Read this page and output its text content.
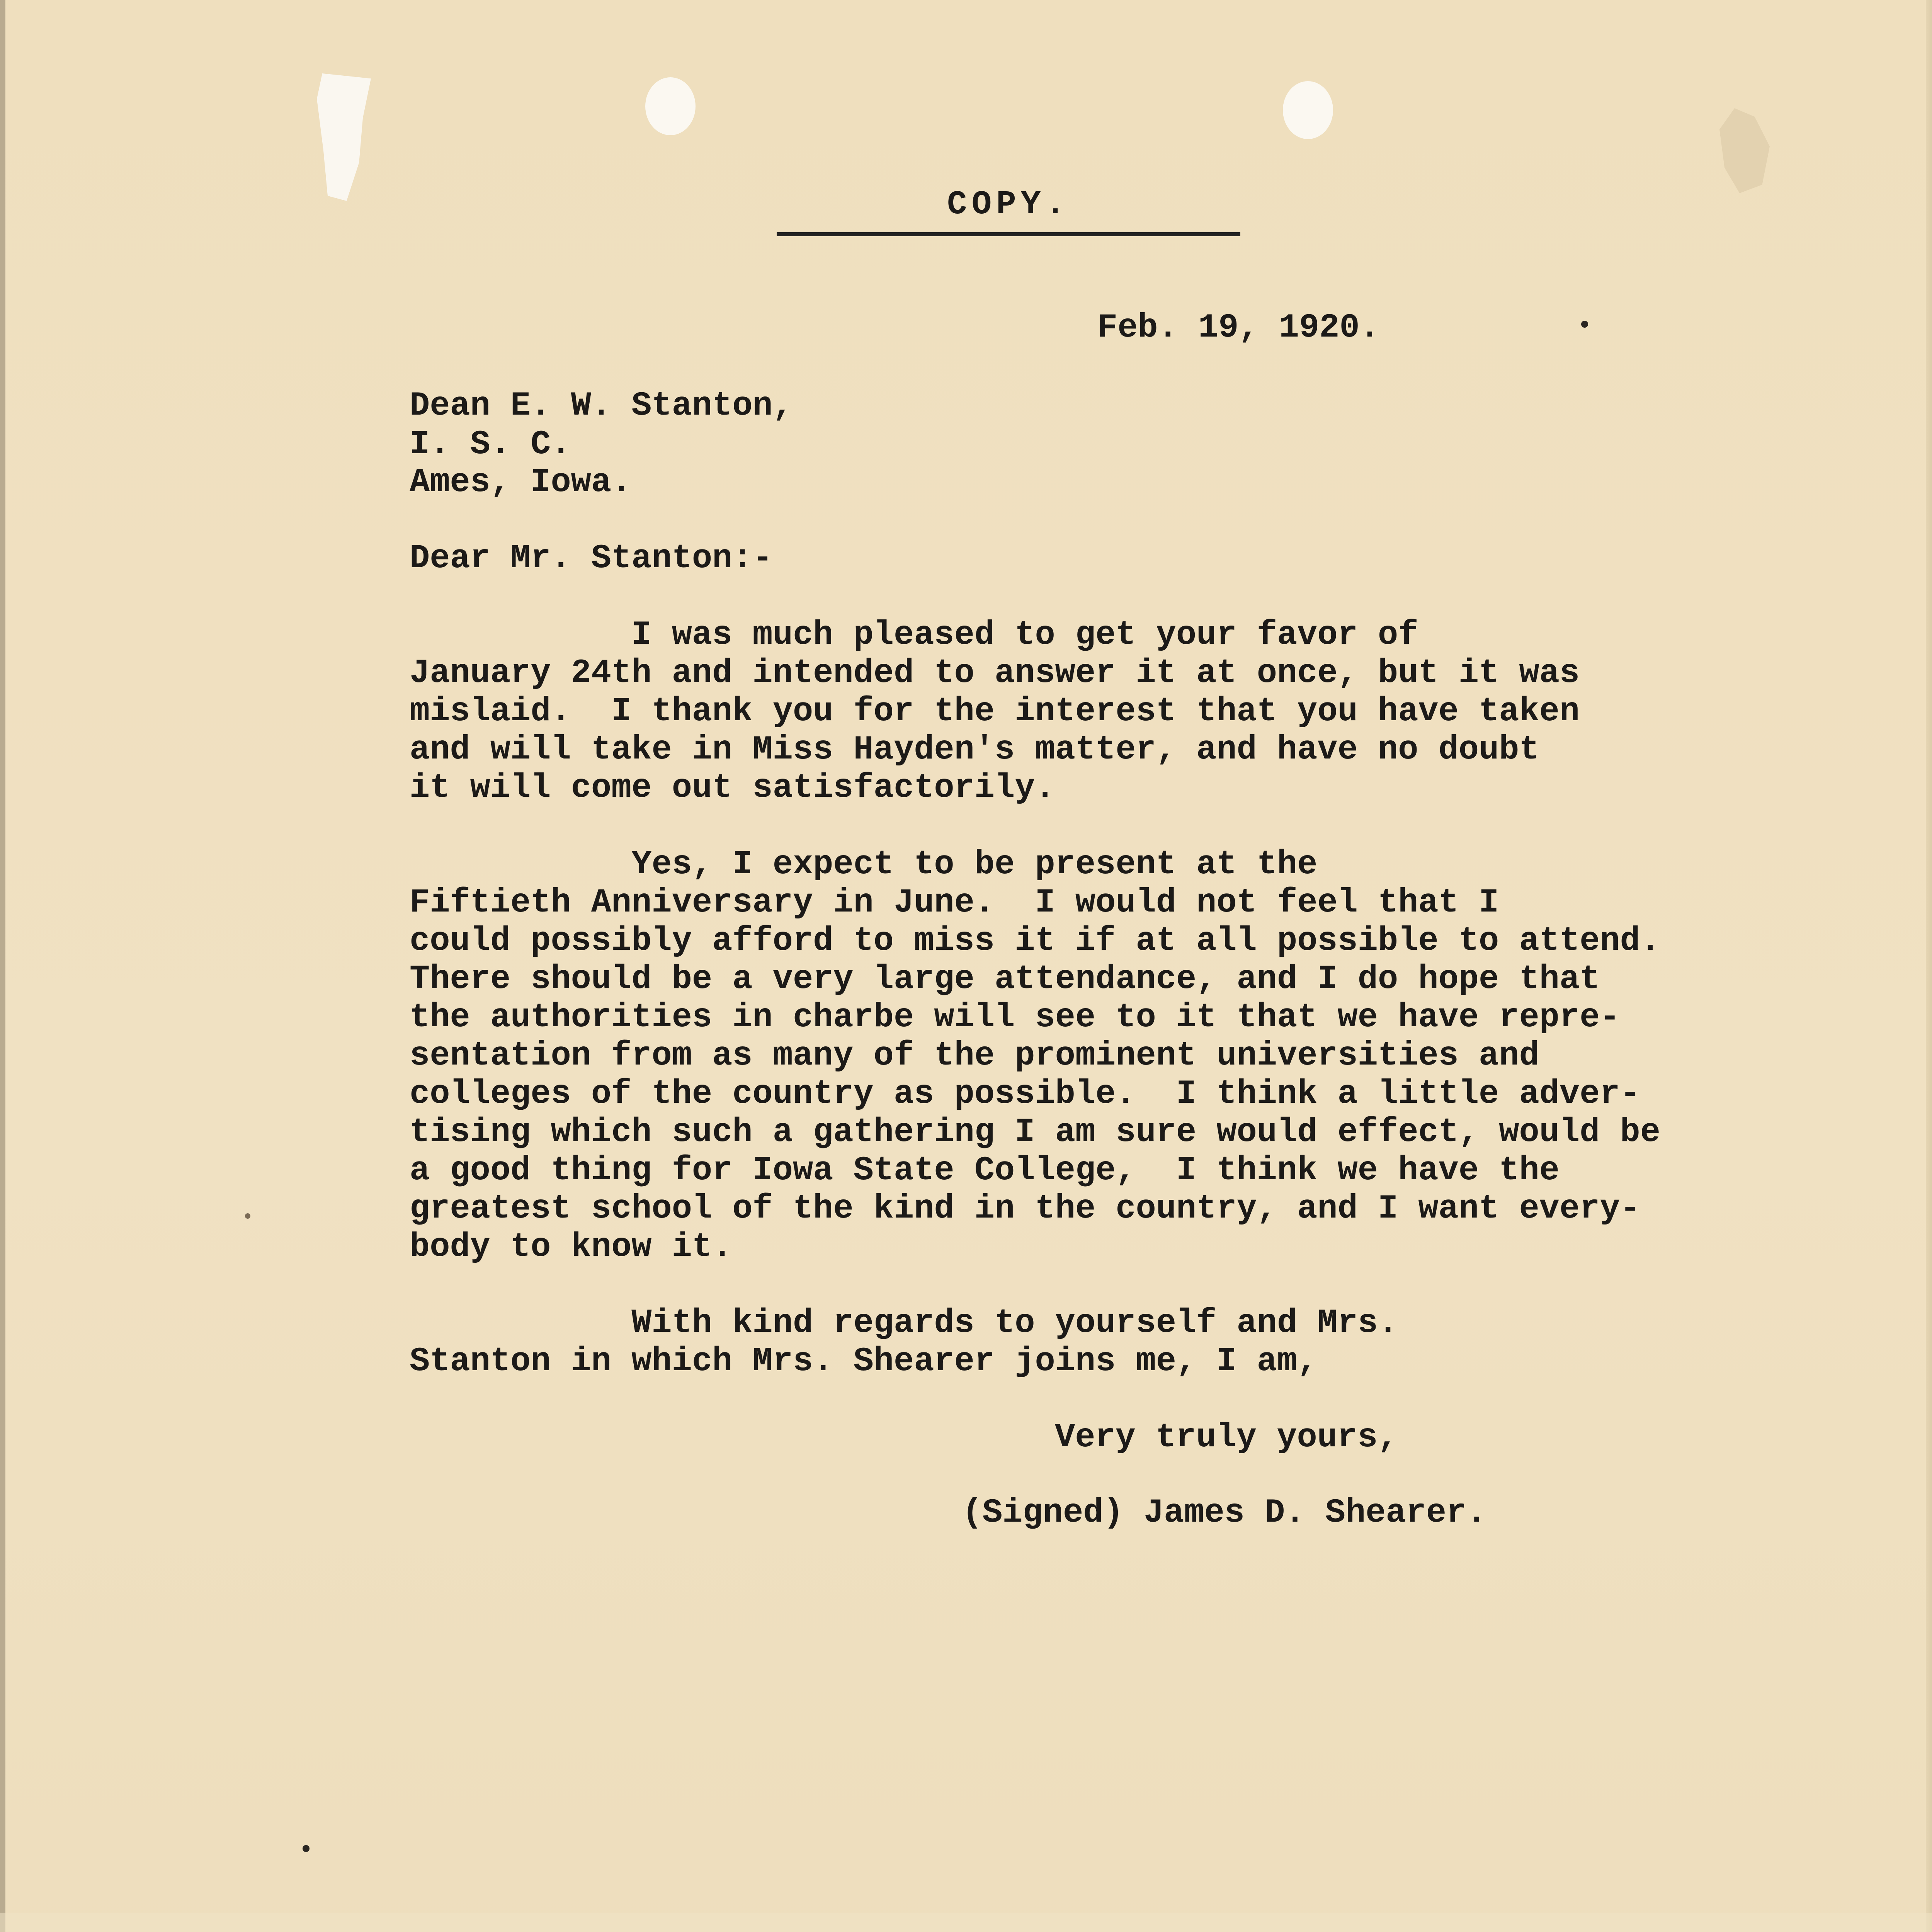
COPY.

Feb. 19, 1920.

Dean E. W. Stanton,

I. S. C.

Ames, Iowa.

Dear Mr. Stanton:-

I was much pleased to get your favor of

January 24th and intended to answer it at once, but it was

mislaid.  I thank you for the interest that you have taken

and will take in Miss Hayden's matter, and have no doubt

it will come out satisfactorily.

Yes, I expect to be present at the

Fiftieth Anniversary in June.  I would not feel that I

could possibly afford to miss it if at all possible to attend.

There should be a very large attendance, and I do hope that

the authorities in charbe will see to it that we have repre-

sentation from as many of the prominent universities and

colleges of the country as possible.  I think a little adver-

tising which such a gathering I am sure would effect, would be

a good thing for Iowa State College,  I think we have the

greatest school of the kind in the country, and I want every-

body to know it.

With kind regards to yourself and Mrs.

Stanton in which Mrs. Shearer joins me, I am,

Very truly yours,

(Signed) James D. Shearer.
